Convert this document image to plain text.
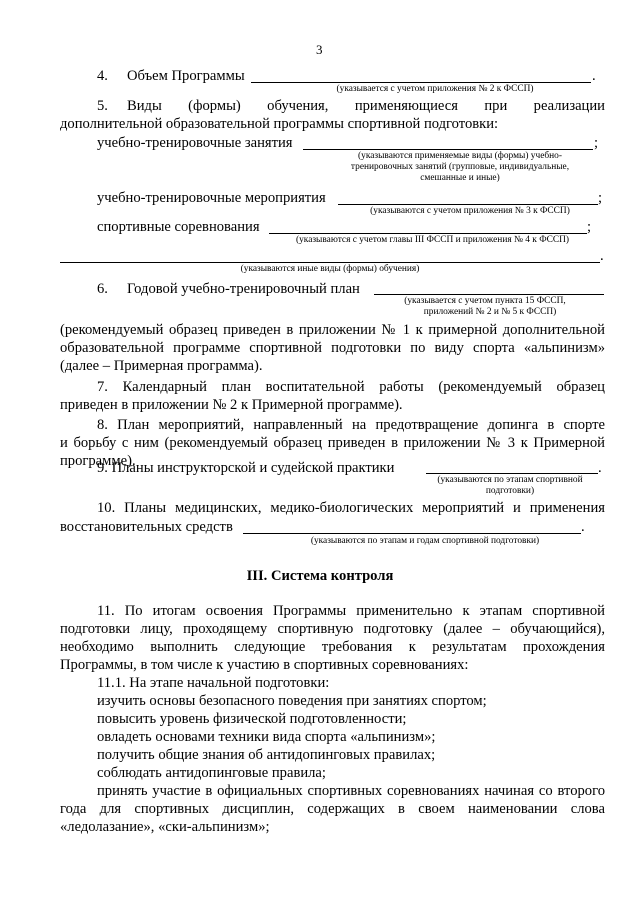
3
4. Объем Программы	.
(указывается с учетом приложения № 2 к ФССП)
5. Виды (формы) обучения, применяющиеся при реализации
дополнительной образовательной программы спортивной подготовки:
учебно-тренировочные занятия	;
(указываются применяемые виды (формы) учебно-
тренировочных занятий (групповые, индивидуальные,
смешанные и иные)
учебно-тренировочные мероприятия	;
(указываются с учетом приложения № 3 к ФССП)
спортивные соревнования	;
(указываются с учетом главы III ФССП и приложения № 4 к ФССП)
.
(указываются иные виды (формы) обучения)
6. Годовой учебно-тренировочный план
(указывается с учетом пункта 15 ФССП,
приложений № 2 и № 5 к ФССП)
(рекомендуемый образец приведен в приложении № 1 к примерной дополнительной
образовательной программе спортивной подготовки по виду спорта «альпинизм»
(далее – Примерная программа).
7. Календарный план воспитательной работы (рекомендуемый образец
приведен в приложении № 2 к Примерной программе).
8. План мероприятий, направленный на предотвращение допинга в спорте
и борьбу с ним (рекомендуемый образец приведен в приложении № 3 к Примерной
программе).
9. Планы инструкторской и судейской практики	.
(указываются по этапам спортивной
подготовки)
10. Планы медицинских, медико-биологических мероприятий и применения
восстановительных средств	.
(указываются по этапам и годам спортивной подготовки)
III. Система контроля
11. По итогам освоения Программы применительно к этапам спортивной
подготовки лицу, проходящему спортивную подготовку (далее – обучающийся),
необходимо выполнить следующие требования к результатам прохождения
Программы, в том числе к участию в спортивных соревнованиях:
11.1. На этапе начальной подготовки:
изучить основы безопасного поведения при занятиях спортом;
повысить уровень физической подготовленности;
овладеть основами техники вида спорта «альпинизм»;
получить общие знания об антидопинговых правилах;
соблюдать антидопинговые правила;
принять участие в официальных спортивных соревнованиях начиная со второго
года для спортивных дисциплин, содержащих в своем наименовании слова
«ледолазание», «ски-альпинизм»;
